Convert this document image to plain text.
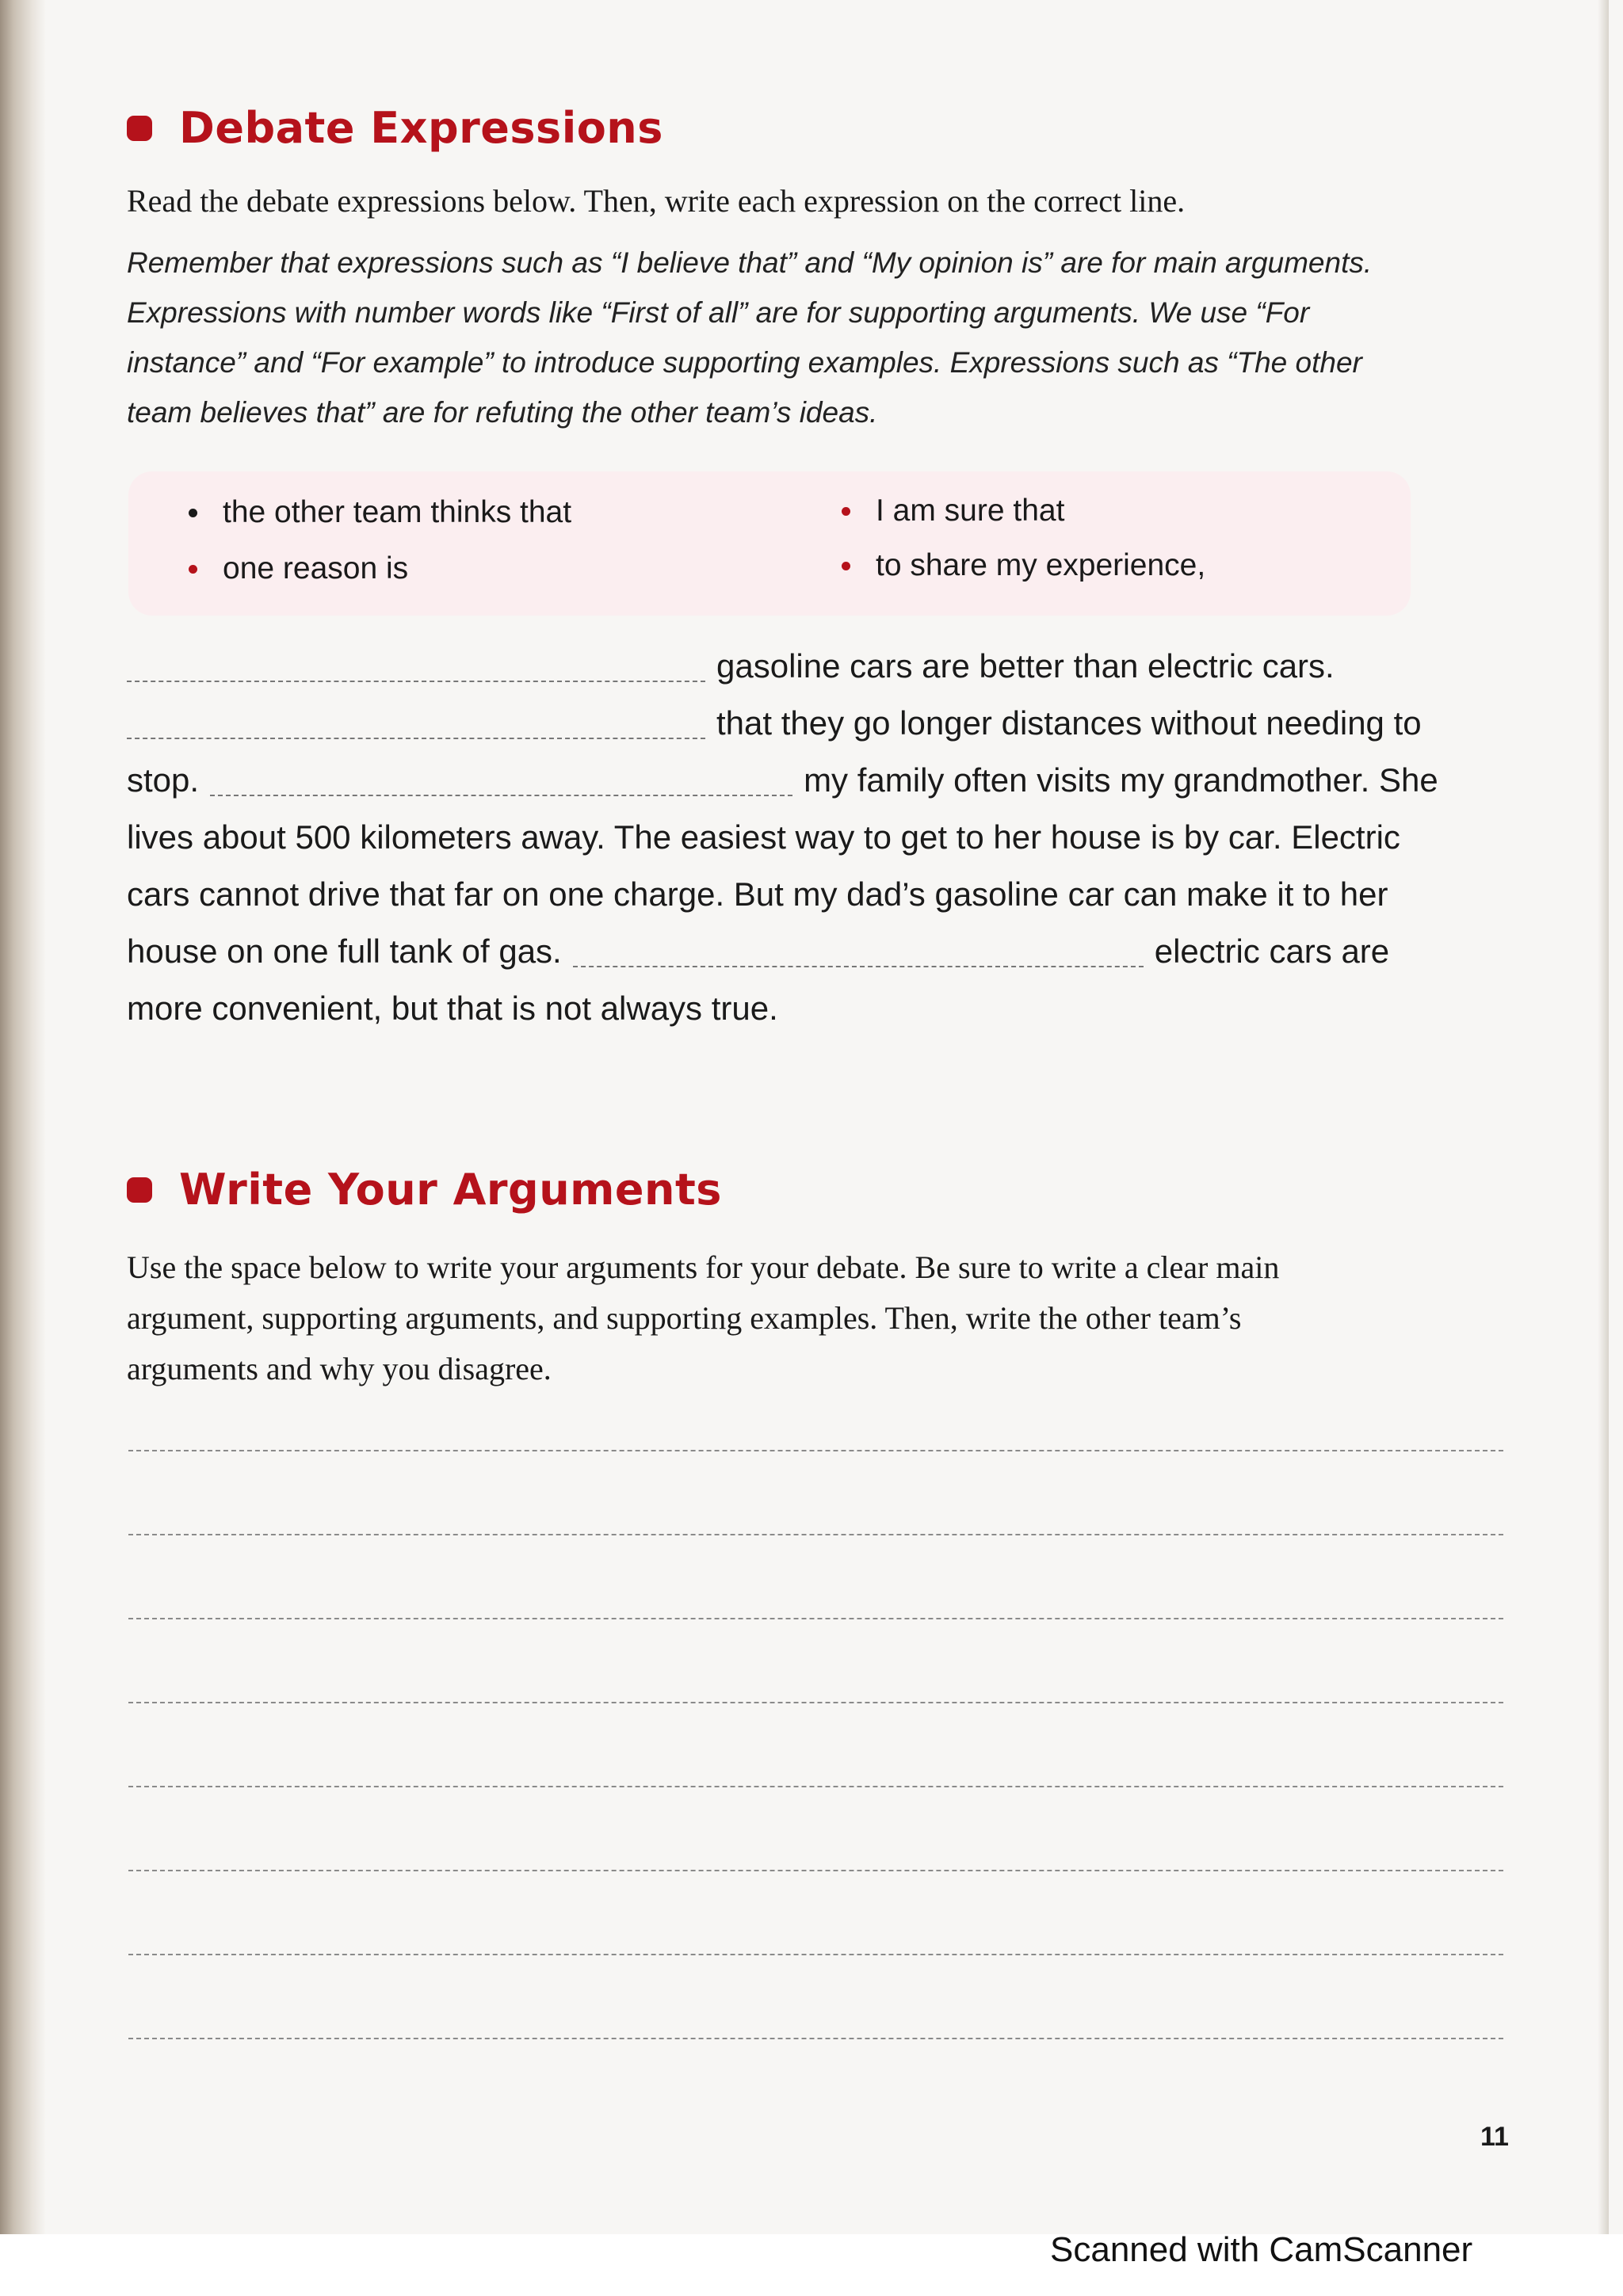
Debate Expressions
Read the debate expressions below. Then, write each expression on the correct line.
Remember that expressions such as “I believe that” and “My opinion is” are for main arguments.
Expressions with number words like “First of all” are for supporting arguments. We use “For
instance” and “For example” to introduce supporting examples. Expressions such as “The other
team believes that” are for refuting the other team’s ideas.
the other team thinks that	I am sure that
one reason is	to share my experience,
gasoline cars are better than electric cars.
that they go longer distances without needing to
stop.	my family often visits my grandmother. She
lives about 500 kilometers away. The easiest way to get to her house is by car. Electric
cars cannot drive that far on one charge. But my dad’s gasoline car can make it to her
house on one full tank of gas.	electric cars are
more convenient, but that is not always true.
Write Your Arguments
Use the space below to write your arguments for your debate. Be sure to write a clear main
argument, supporting arguments, and supporting examples. Then, write the other team’s
arguments and why you disagree.
11
Scanned with CamScanner
